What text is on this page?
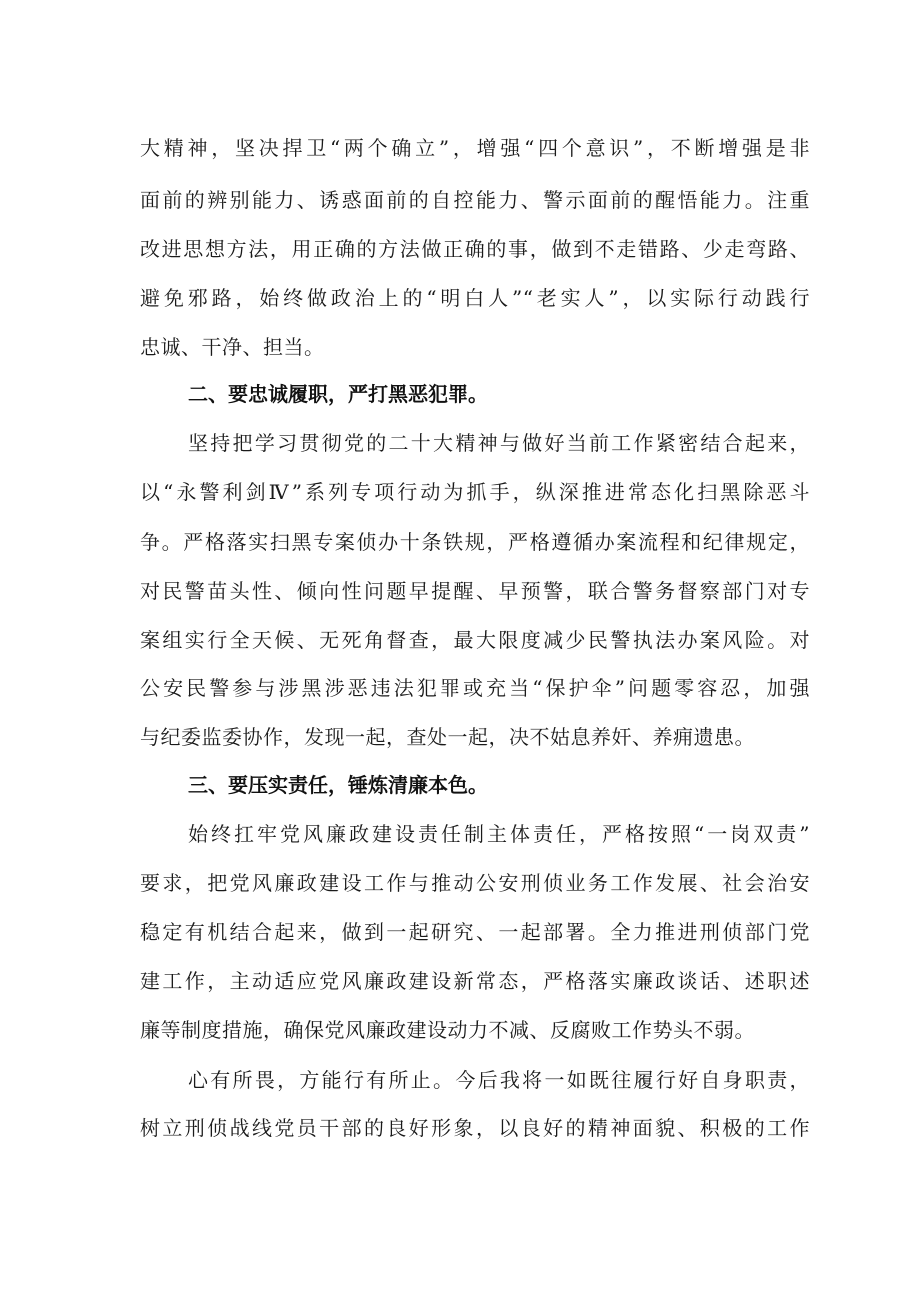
大精神，坚决捍卫“两个确立”，增强“四个意识”，不断增强是非
面前的辨别能力、诱惑面前的自控能力、警示面前的醒悟能力。注重
改进思想方法，用正确的方法做正确的事，做到不走错路、少走弯路、
避免邪路，始终做政治上的“明白人”“老实人”，以实际行动践行
忠诚、干净、担当。
二、要忠诚履职，严打黑恶犯罪。
坚持把学习贯彻党的二十大精神与做好当前工作紧密结合起来，
以“永警利剑Ⅳ”系列专项行动为抓手，纵深推进常态化扫黑除恶斗
争。严格落实扫黑专案侦办十条铁规，严格遵循办案流程和纪律规定，
对民警苗头性、倾向性问题早提醒、早预警，联合警务督察部门对专
案组实行全天候、无死角督查，最大限度减少民警执法办案风险。对
公安民警参与涉黑涉恶违法犯罪或充当“保护伞”问题零容忍，加强
与纪委监委协作，发现一起，查处一起，决不姑息养奸、养痈遗患。
三、要压实责任，锤炼清廉本色。
始终扛牢党风廉政建设责任制主体责任，严格按照“一岗双责”
要求，把党风廉政建设工作与推动公安刑侦业务工作发展、社会治安
稳定有机结合起来，做到一起研究、一起部署。全力推进刑侦部门党
建工作，主动适应党风廉政建设新常态，严格落实廉政谈话、述职述
廉等制度措施，确保党风廉政建设动力不减、反腐败工作势头不弱。
心有所畏，方能行有所止。今后我将一如既往履行好自身职责，
树立刑侦战线党员干部的良好形象，以良好的精神面貌、积极的工作
